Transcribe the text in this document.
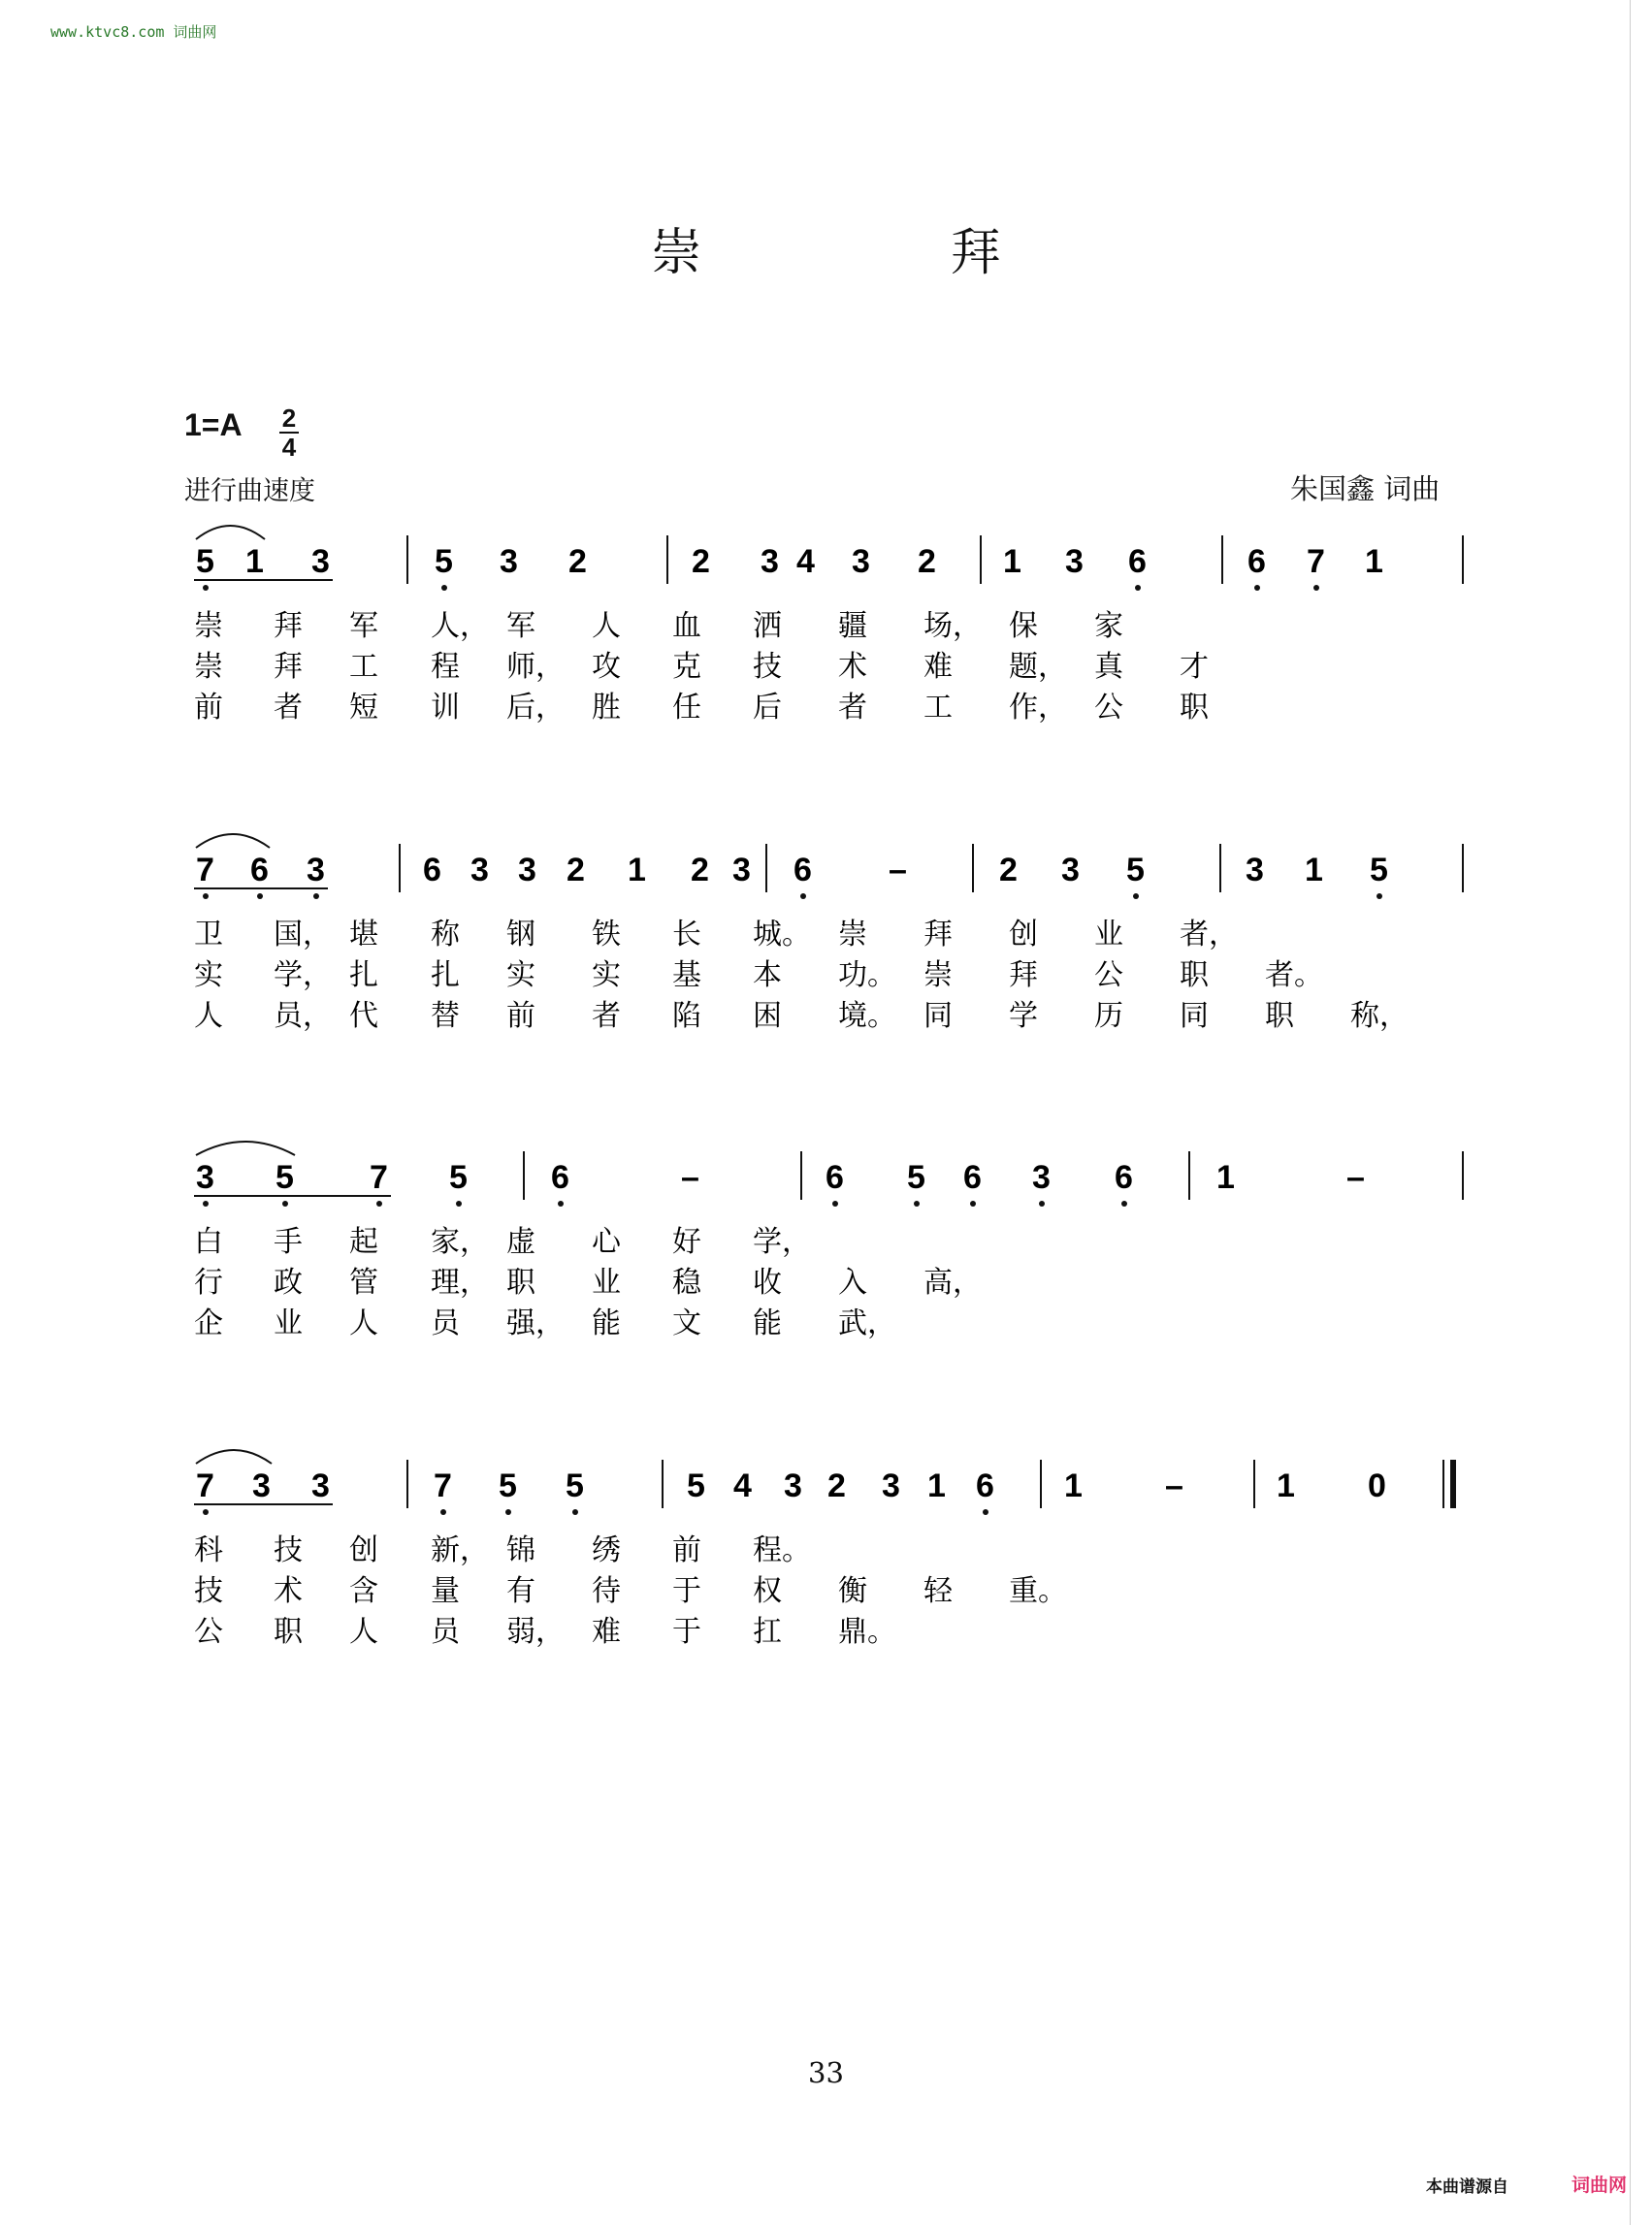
www.ktvc8.com 词曲网
崇 拜
1=A 2
4
进行曲速度	朱国鑫 词曲
5 1 3	5 3 2	2 3 4 3 2 1 3 6	6 7 1
崇 拜 军 人， 军 人 血 洒 疆 场， 保 家
崇 拜 工 程 师， 攻 克 技 术 难 题， 真 才
前 者 短 训 后， 胜 任 后 者 工 作， 公 职
7 6 3	6 3 3 2 1 2 3 6 –	2 3 5	3 1 5
卫 国， 堪 称 钢 铁 长 城。 崇 拜 创 业 者，
实 学， 扎 扎 实 实 基 本 功。 崇 拜 公 职 者。
人 员， 代 替 前 者 陷 困 境。 同 学 历 同 职 称，
3 5 7 5	6	–	6 5 6 3 6	1	–
白 手 起 家， 虚 心 好 学，
行 政 管 理， 职 业 稳 收 入 高，
企 业 人 员 强， 能 文 能 武，
7 3 3	7 5 5	5 4 3 2 3 1 6 1	–	1 0
科 技 创 新， 锦 绣 前 程。
技 术 含 量 有 待 于 权 衡 轻 重。
公 职 人 员 弱， 难 于 扛 鼎。
33
本曲谱源自	词曲网
